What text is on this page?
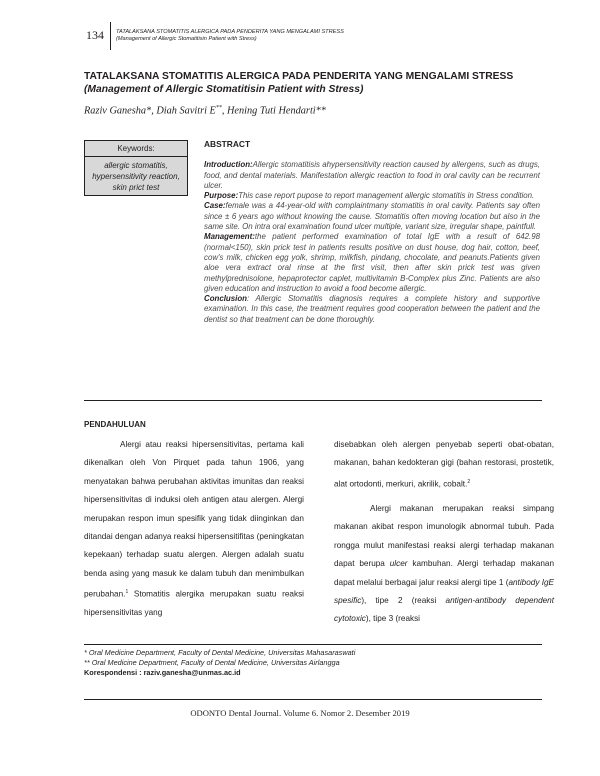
134 TATALAKSANA STOMATITIS ALERGICA PADA PENDERITA YANG MENGALAMI STRESS
(Management of Allergic Stomatitisin Patient with Stress)
TATALAKSANA STOMATITIS ALERGICA PADA PENDERITA YANG MENGALAMI STRESS
(Management of Allergic Stomatitisin Patient with Stress)
Raziv Ganesha*, Diah Savitri E**, Hening Tuti Hendarti**
Keywords:
allergic stomatitis, hypersensitivity reaction, skin prict test
ABSTRACT

Introduction:Allergic stomatitisis ahypersensitivity reaction caused by allergens, such as drugs, food, and dental materials. Manifestation allergic reaction to food in oral cavity can be recurrent ulcer.

Purpose:This case report pupose to report management allergic stomatitis in Stress condition.

Case:female was a 44-year-old with complaintmany stomatitis in oral cavity. Patients say often since ± 6 years ago without knowing the cause. Stomatitis often moving location but also in the same site. On intra oral examination found ulcer multiple, variant size, irregular shape, paintfull.

Management:the patient performed examination of total IgE with a result of 642.98 (normal<150), skin prick test in patients results positive on dust house, dog hair, cotton, beef, cow's milk, chicken egg yolk, shrimp, milkfish, pindang, chocolate, and peanuts.Patients given aloe vera extract oral rinse at the first visit, then after skin prick test was given methylprednisolone, hepaprotector caplet, multivitamin B-Complex plus Zinc. Patients are also given education and instruction to avoid a food become allergic.

Conclusion: Allergic Stomatitis diagnosis requires a complete history and supportive examination. In this case, the treatment requires good cooperation between the patient and the dentist so that treatment can be done thoroughly.

PENDAHULUAN

Alergi atau reaksi hipersensitivitas, pertama kali dikenalkan oleh Von Pirquet pada tahun 1906, yang menyatakan bahwa perubahan aktivitas imunitas dan reaksi hipersensitivitas di induksi oleh antigen atau alergen. Alergi merupakan respon imun spesifik yang tidak diinginkan dan ditandai dengan adanya reaksi hipersensitifitas (peningkatan kepekaan) terhadap suatu alergen. Alergen adalah suatu benda asing yang masuk ke dalam tubuh dan menimbulkan perubahan.$^1$ Stomatitis alergika merupakan suatu reaksi hipersensitivitas yang

disebabkan oleh alergen penyebab seperti obat-obatan, makanan, bahan kedokteran gigi (bahan restorasi, prostetik, alat ortodonti, merkuri, akrilik, cobalt.$^2$

Alergi makanan merupakan reaksi simpang makanan akibat respon imunologik abnormal tubuh. Pada rongga mulut manifestasi reaksi alergi terhadap makanan dapat berupa ulcer kambuhan. Alergi terhadap makanan dapat melalui berbagai jalur reaksi alergi tipe 1 (antibody IgE spesific), tipe 2 (reaksi antigen-antibody dependent cytotoxic), tipe 3 (reaksi

* Oral Medicine Department, Faculty of Dental Medicine, Universitas Mahasaraswati
** Oral Medicine Department, Faculty of Dental Medicine, Universitas Airlangga
Korespondensi : raziv.ganesha@unmas.ac.id
ODONTO Dental Journal. Volume 6. Nomor 2. Desember 2019
